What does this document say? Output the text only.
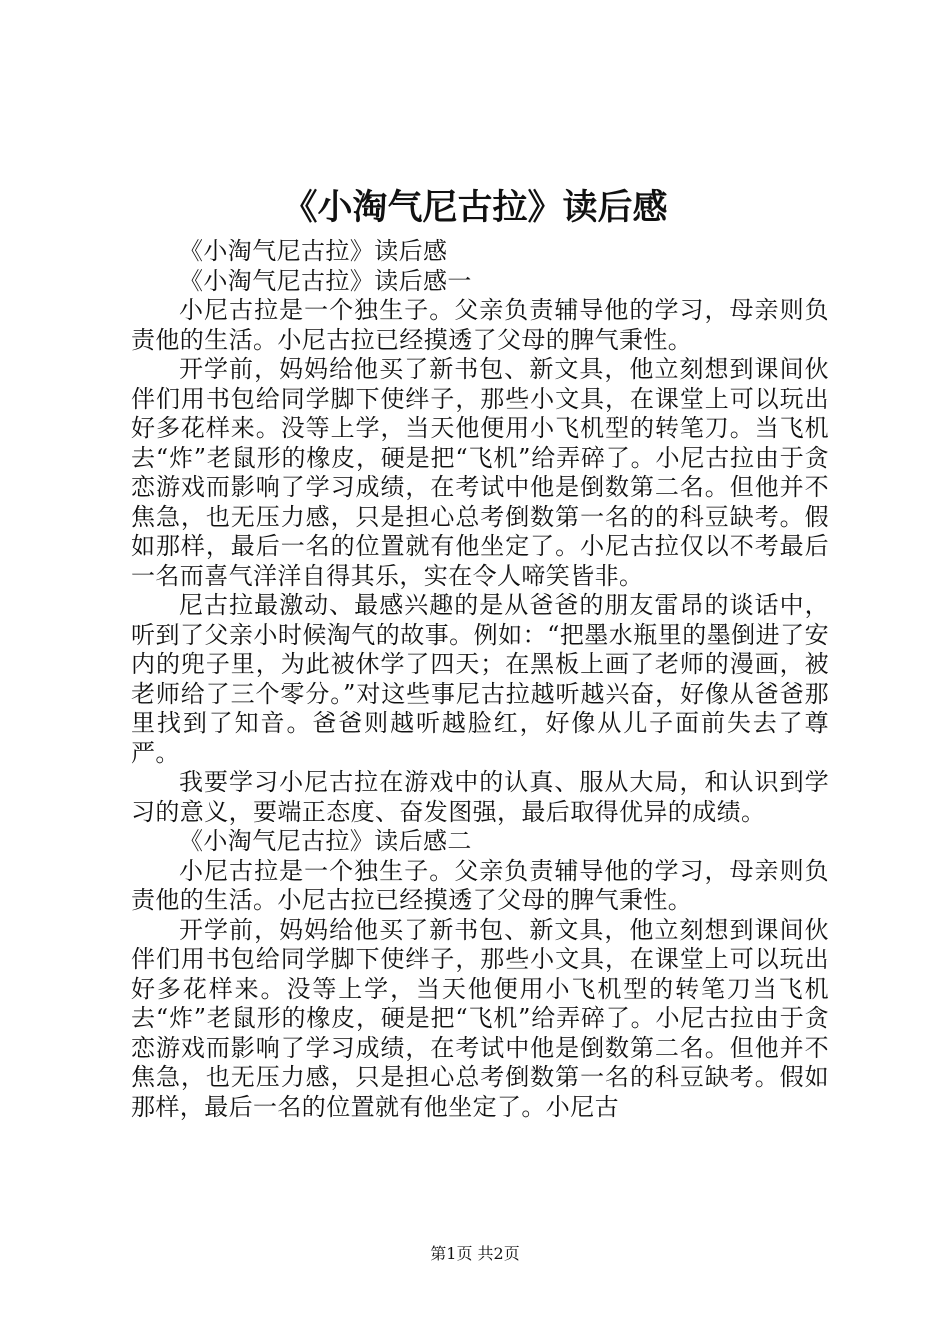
《小淘气尼古拉》读后感

《小淘气尼古拉》读后感

《小淘气尼古拉》读后感一

小尼古拉是一个独生子。父亲负责辅导他的学习，母亲则负责他的生活。小尼古拉已经摸透了父母的脾气秉性。

开学前，妈妈给他买了新书包、新文具，他立刻想到课间伙伴们用书包给同学脚下使绊子，那些小文具，在课堂上可以玩出好多花样来。没等上学，当天他便用小飞机型的转笔刀。当飞机去“炸”老鼠形的橡皮，硬是把“飞机”给弄碎了。小尼古拉由于贪恋游戏而影响了学习成绩，在考试中他是倒数第二名。但他并不焦急，也无压力感，只是担心总考倒数第一名的的科豆缺考。假如那样，最后一名的位置就有他坐定了。小尼古拉仅以不考最后一名而喜气洋洋自得其乐，实在令人啼笑皆非。

尼古拉最激动、最感兴趣的是从爸爸的朋友雷昂的谈话中，听到了父亲小时候淘气的故事。例如：“把墨水瓶里的墨倒进了安内的兜子里，为此被休学了四天；在黑板上画了老师的漫画，被老师给了三个零分。”对这些事尼古拉越听越兴奋，好像从爸爸那里找到了知音。爸爸则越听越脸红，好像从儿子面前失去了尊严。

我要学习小尼古拉在游戏中的认真、服从大局，和认识到学习的意义，要端正态度、奋发图强，最后取得优异的成绩。

《小淘气尼古拉》读后感二

小尼古拉是一个独生子。父亲负责辅导他的学习，母亲则负责他的生活。小尼古拉已经摸透了父母的脾气秉性。

开学前，妈妈给他买了新书包、新文具，他立刻想到课间伙伴们用书包给同学脚下使绊子，那些小文具，在课堂上可以玩出好多花样来。没等上学，当天他便用小飞机型的转笔刀当飞机去“炸”老鼠形的橡皮，硬是把“飞机”给弄碎了。小尼古拉由于贪恋游戏而影响了学习成绩，在考试中他是倒数第二名。但他并不焦急，也无压力感，只是担心总考倒数第一名的科豆缺考。假如那样，最后一名的位置就有他坐定了。小尼古

第1页 共2页
